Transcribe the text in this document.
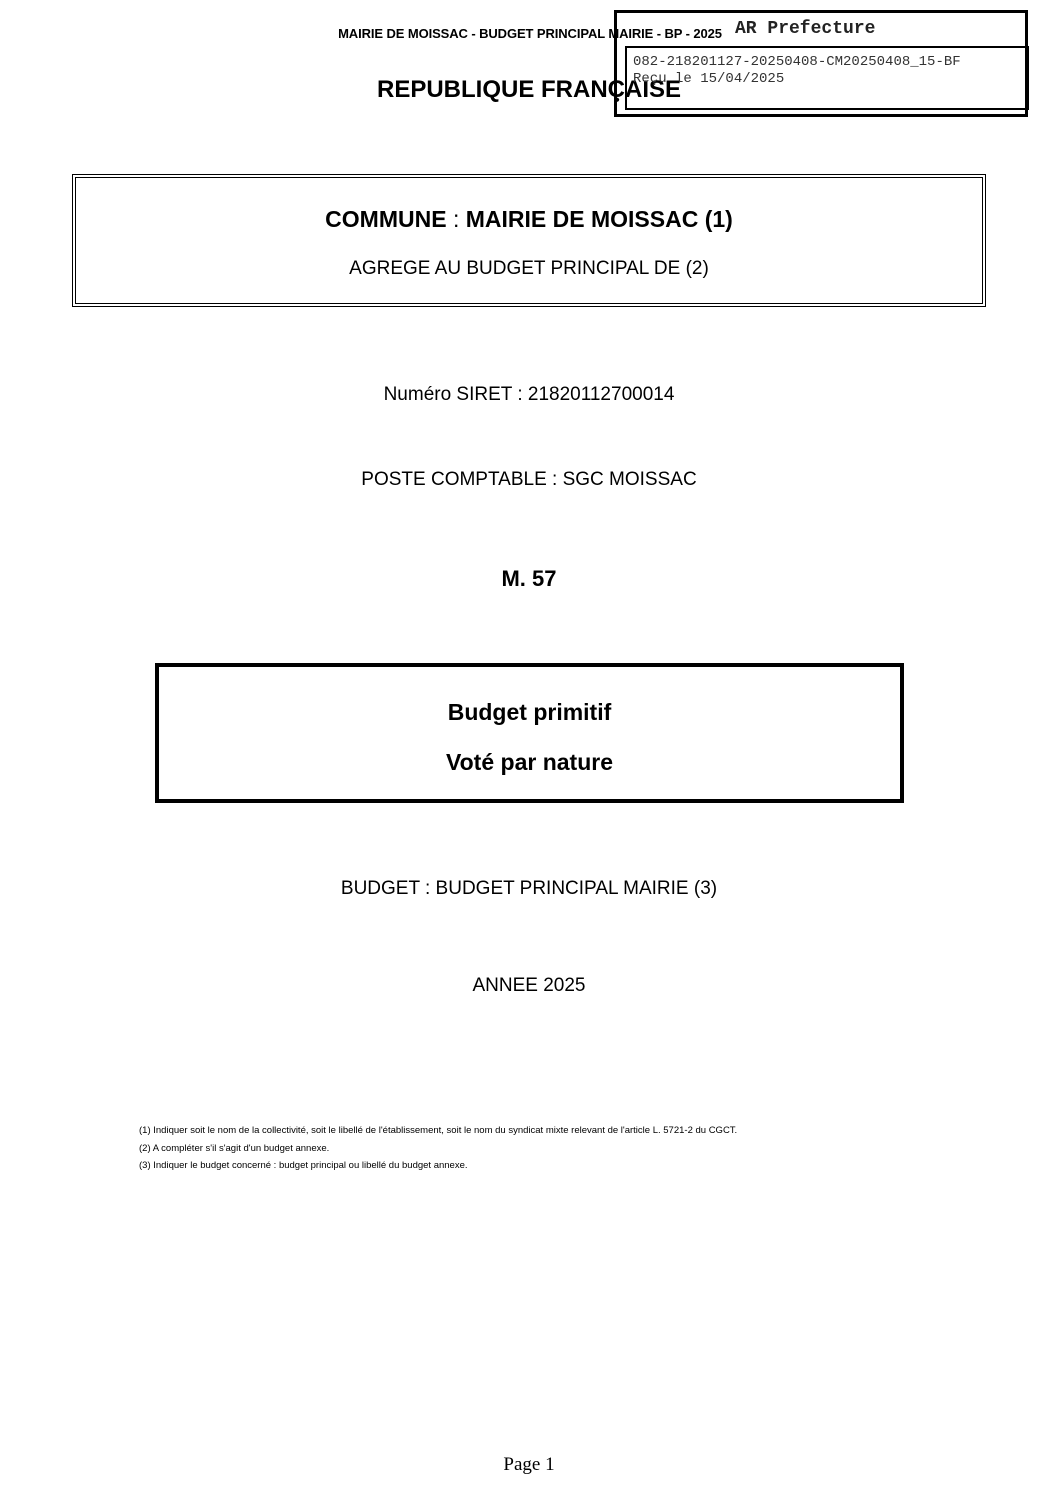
MAIRIE DE MOISSAC - BUDGET PRINCIPAL MAIRIE - BP - 2025
REPUBLIQUE FRANÇAISE
AR Prefecture
082-218201127-20250408-CM20250408_15-BF
Reçu le 15/04/2025
COMMUNE : MAIRIE DE MOISSAC (1)
AGREGE AU BUDGET PRINCIPAL DE (2)
Numéro SIRET : 21820112700014
POSTE COMPTABLE : SGC MOISSAC
M. 57
Budget primitif
Voté par nature
BUDGET : BUDGET PRINCIPAL MAIRIE (3)
ANNEE 2025
(1) Indiquer soit le nom de la collectivité, soit le libellé de l'établissement, soit le nom du syndicat mixte relevant de l'article L. 5721-2 du CGCT.
(2) A compléter s'il s'agit d'un budget annexe.
(3) Indiquer le budget concerné : budget principal ou libellé du budget annexe.
Page 1
